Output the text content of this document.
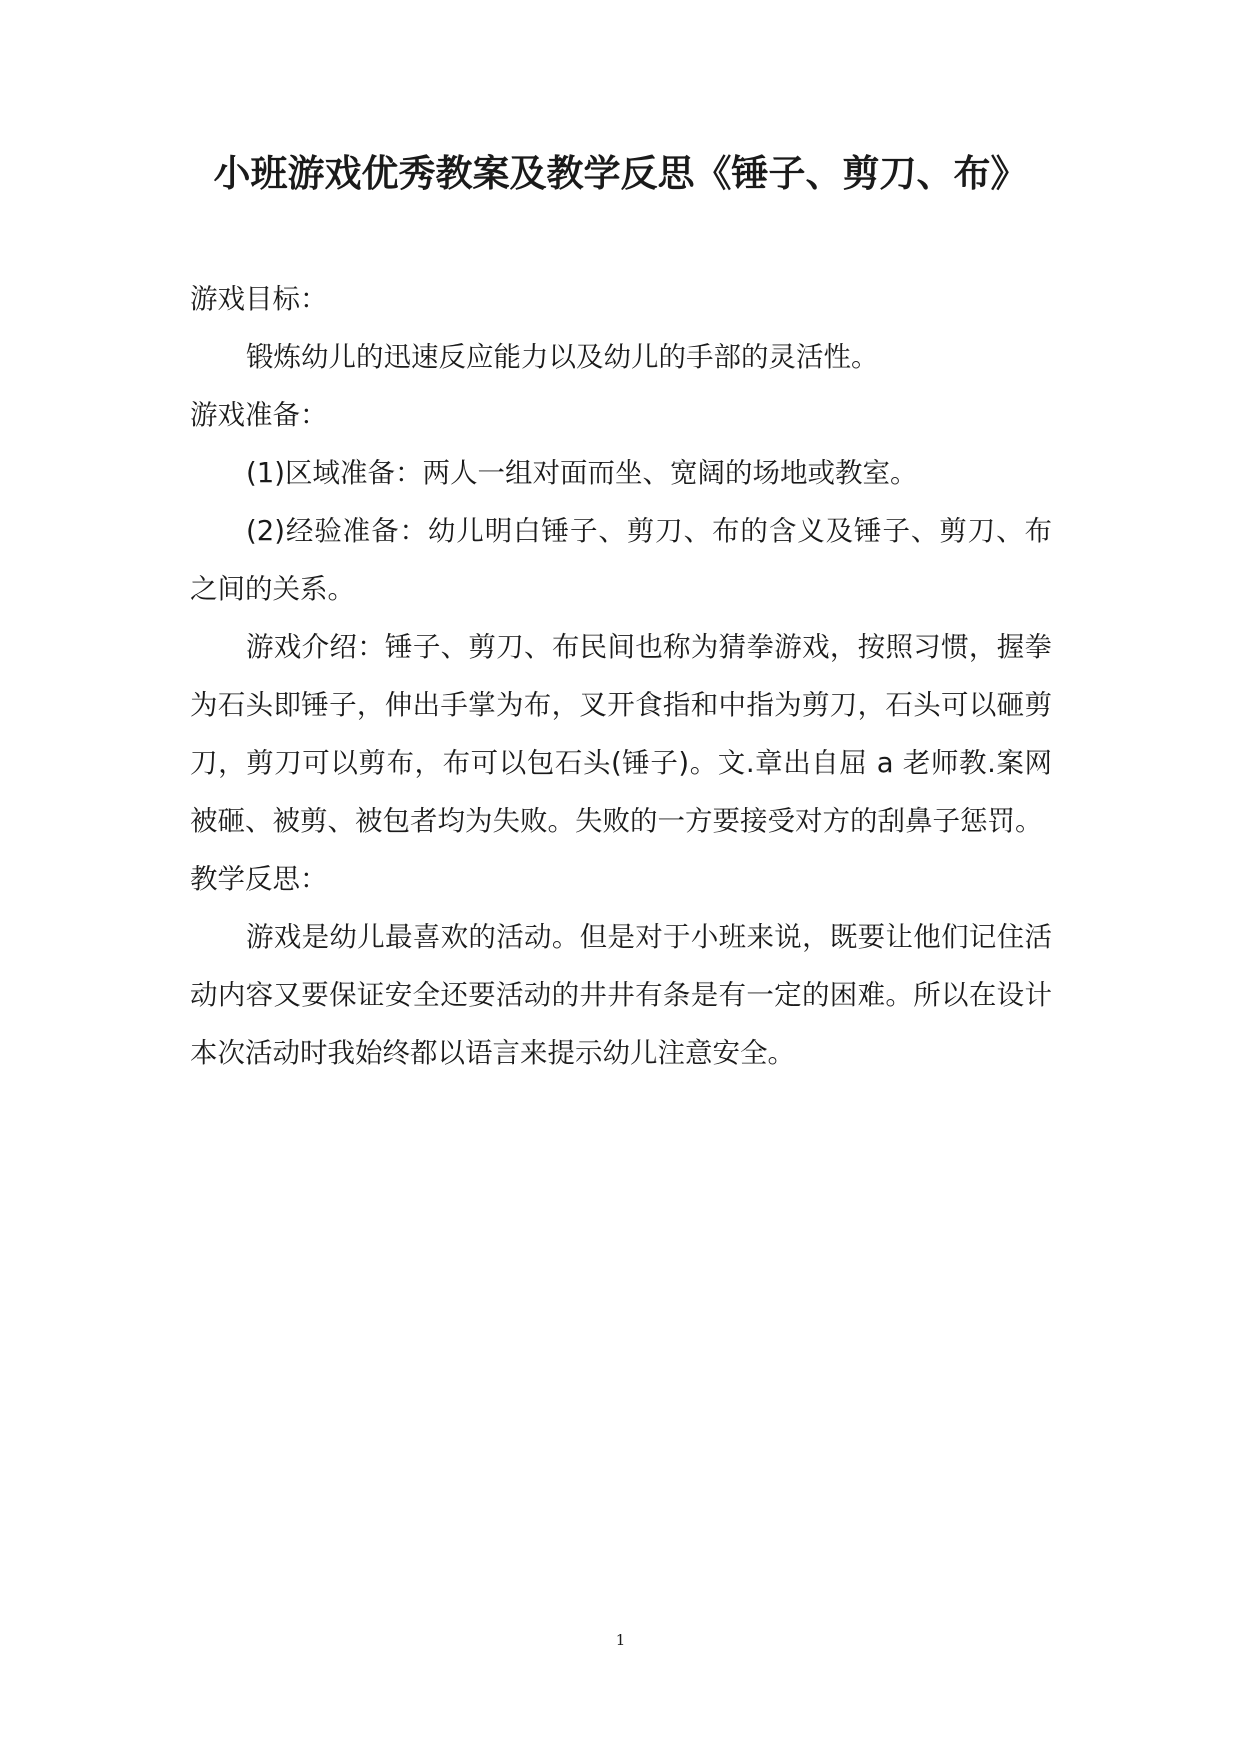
小班游戏优秀教案及教学反思《锤子、剪刀、布》

游戏目标：

锻炼幼儿的迅速反应能力以及幼儿的手部的灵活性。

游戏准备：

(1)区域准备：两人一组对面而坐、宽阔的场地或教室。

(2)经验准备：幼儿明白锤子、剪刀、布的含义及锤子、剪刀、布之间的关系。

游戏介绍：锤子、剪刀、布民间也称为猜拳游戏，按照习惯，握拳为石头即锤子，伸出手掌为布，叉开食指和中指为剪刀，石头可以砸剪刀，剪刀可以剪布，布可以包石头(锤子)。文.章出自屈 a 老师教.案网被砸、被剪、被包者均为失败。失败的一方要接受对方的刮鼻子惩罚。

教学反思：

游戏是幼儿最喜欢的活动。但是对于小班来说，既要让他们记住活动内容又要保证安全还要活动的井井有条是有一定的困难。所以在设计本次活动时我始终都以语言来提示幼儿注意安全。

1
